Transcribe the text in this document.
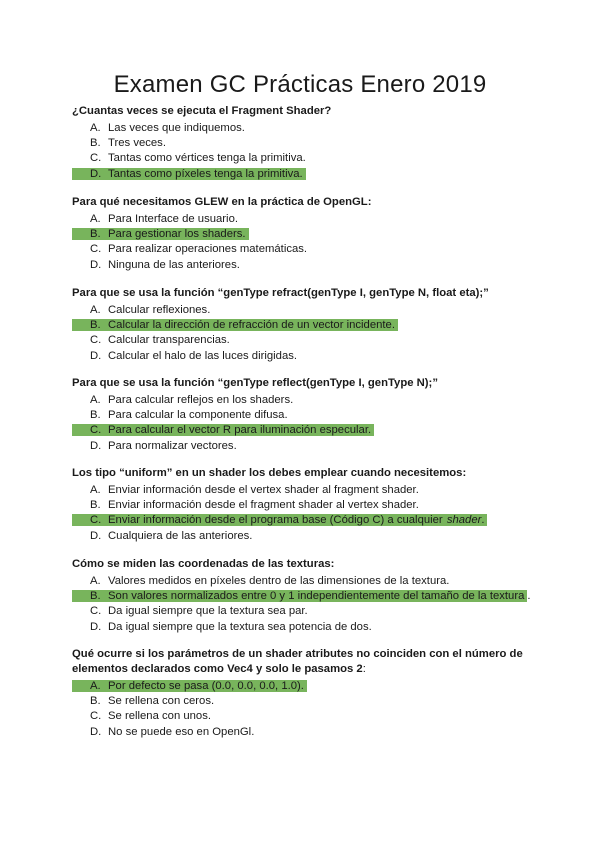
Examen GC Prácticas Enero 2019
¿Cuantas veces se ejecuta el Fragment Shader?
A. Las veces que indiquemos.
B. Tres veces.
C. Tantas como vértices tenga la primitiva.
D. Tantas como píxeles tenga la primitiva.
Para qué necesitamos GLEW en la práctica de OpenGL:
A. Para Interface de usuario.
B. Para gestionar los shaders.
C. Para realizar operaciones matemáticas.
D. Ninguna de las anteriores.
Para que se usa la función “genType refract(genType I, genType N, float eta);”
A. Calcular reflexiones.
B. Calcular la dirección de refracción de un vector incidente.
C. Calcular transparencias.
D. Calcular el halo de las luces dirigidas.
Para que se usa la función “genType reflect(genType I, genType N);”
A. Para calcular reflejos en los shaders.
B. Para calcular la componente difusa.
C. Para calcular el vector R para iluminación especular.
D. Para normalizar vectores.
Los tipo “uniform” en un shader los debes emplear cuando necesitemos:
A. Enviar información desde el vertex shader al fragment shader.
B. Enviar información desde el fragment shader al vertex shader.
C. Enviar información desde el programa base (Código C) a cualquier shader.
D. Cualquiera de las anteriores.
Cómo se miden las coordenadas de las texturas:
A. Valores medidos en píxeles dentro de las dimensiones de la textura.
B. Son valores normalizados entre 0 y 1 independientemente del tamaño de la textura .
C. Da igual siempre que la textura sea par.
D. Da igual siempre que la textura sea potencia de dos.
Qué ocurre si los parámetros de un shader atributes no coinciden con el número de elementos declarados como Vec4 y solo le pasamos 2:
A. Por defecto se pasa (0.0, 0.0, 0.0, 1.0).
B. Se rellena con ceros.
C. Se rellena con unos.
D. No se puede eso en OpenGl.
